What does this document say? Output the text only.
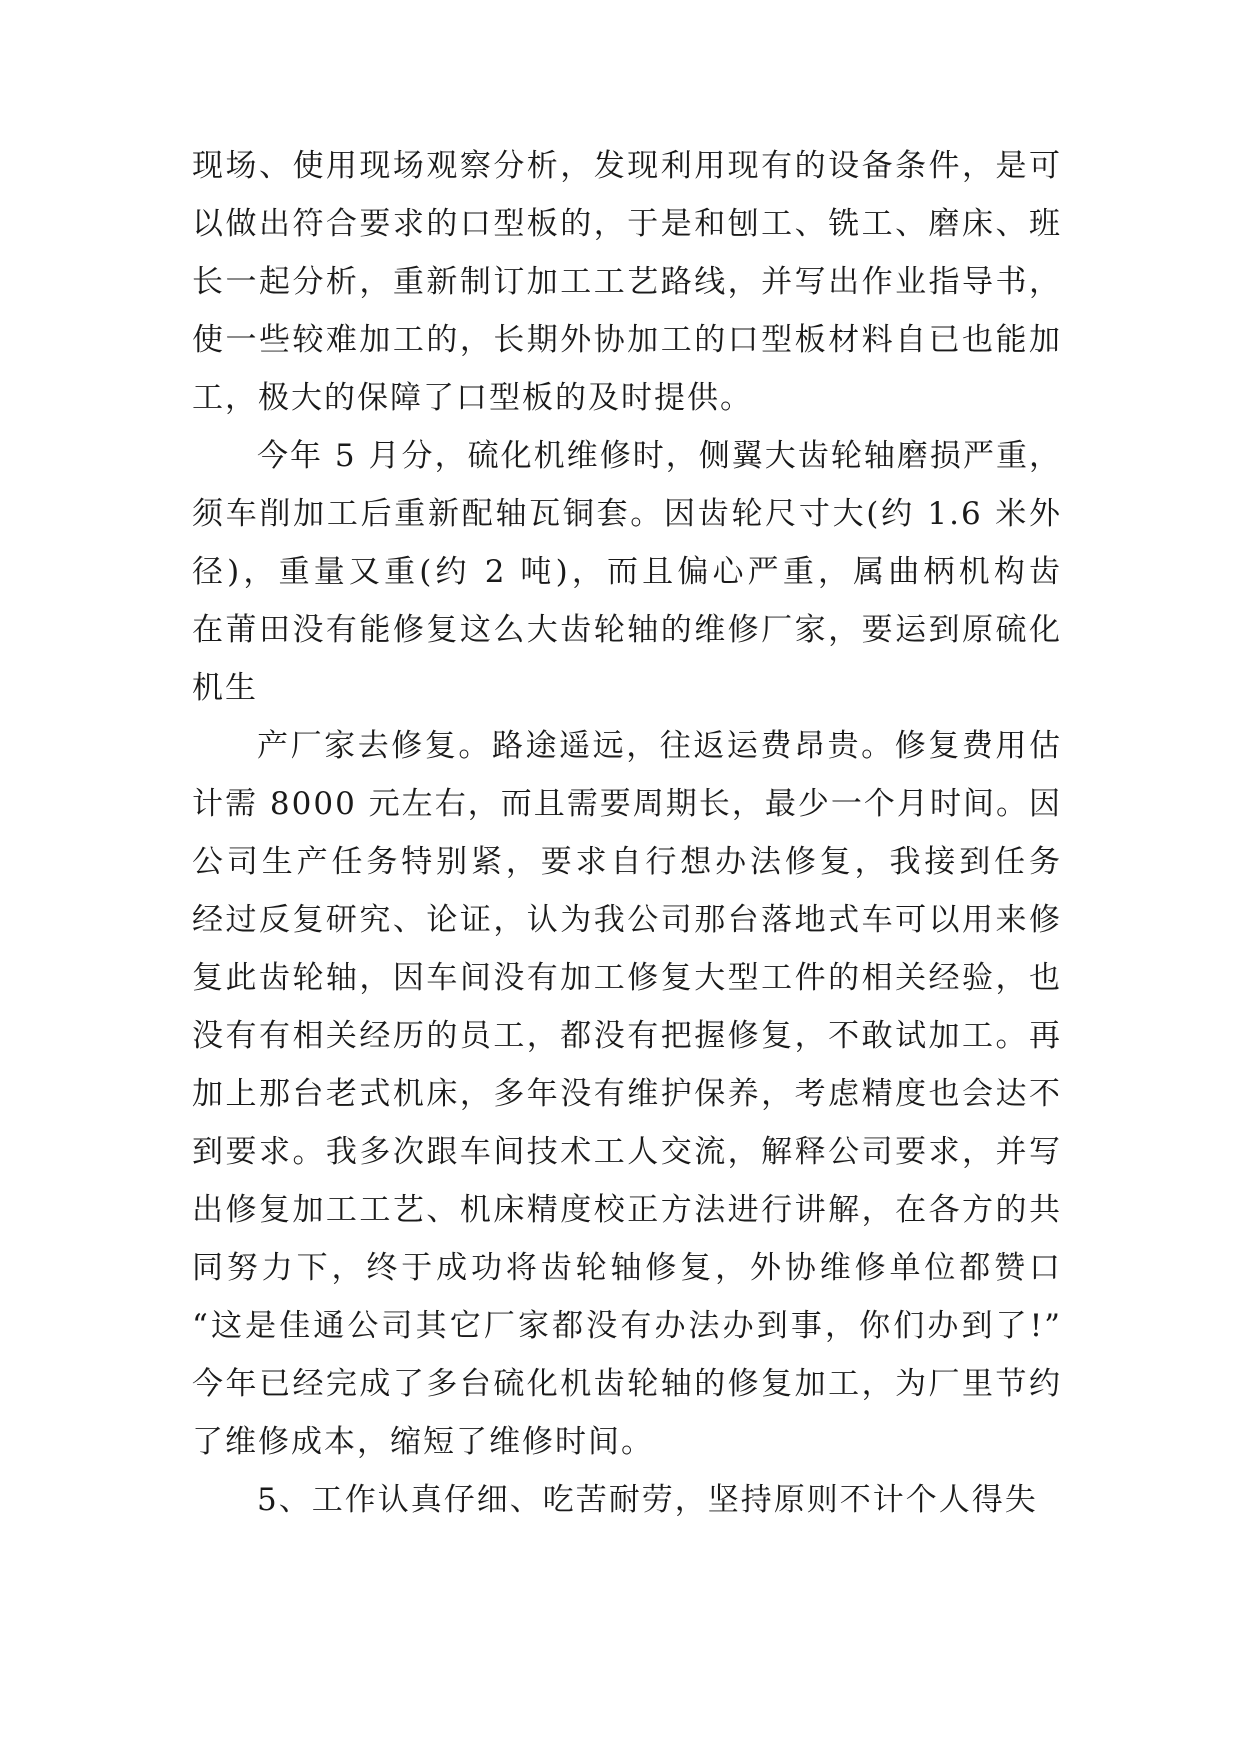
现场、使用现场观察分析，发现利用现有的设备条件，是可
以做出符合要求的口型板的，于是和刨工、铣工、磨床、班
长一起分析，重新制订加工工艺路线，并写出作业指导书，
使一些较难加工的，长期外协加工的口型板材料自已也能加
工，极大的保障了口型板的及时提供。
今年 5 月分，硫化机维修时，侧翼大齿轮轴磨损严重，
须车削加工后重新配轴瓦铜套。因齿轮尺寸大(约 1.6 米外
径)，重量又重(约 2 吨)，而且偏心严重，属曲柄机构齿
在莆田没有能修复这么大齿轮轴的维修厂家，要运到原硫化
机生
产厂家去修复。路途遥远，往返运费昂贵。修复费用估
计需 8000 元左右，而且需要周期长，最少一个月时间。因
公司生产任务特别紧，要求自行想办法修复，我接到任务
经过反复研究、论证，认为我公司那台落地式车可以用来修
复此齿轮轴，因车间没有加工修复大型工件的相关经验，也
没有有相关经历的员工，都没有把握修复，不敢试加工。再
加上那台老式机床，多年没有维护保养，考虑精度也会达不
到要求。我多次跟车间技术工人交流，解释公司要求，并写
出修复加工工艺、机床精度校正方法进行讲解，在各方的共
同努力下，终于成功将齿轮轴修复，外协维修单位都赞口
“这是佳通公司其它厂家都没有办法办到事，你们办到了!”
今年已经完成了多台硫化机齿轮轴的修复加工，为厂里节约
了维修成本，缩短了维修时间。
5、工作认真仔细、吃苦耐劳，坚持原则不计个人得失
